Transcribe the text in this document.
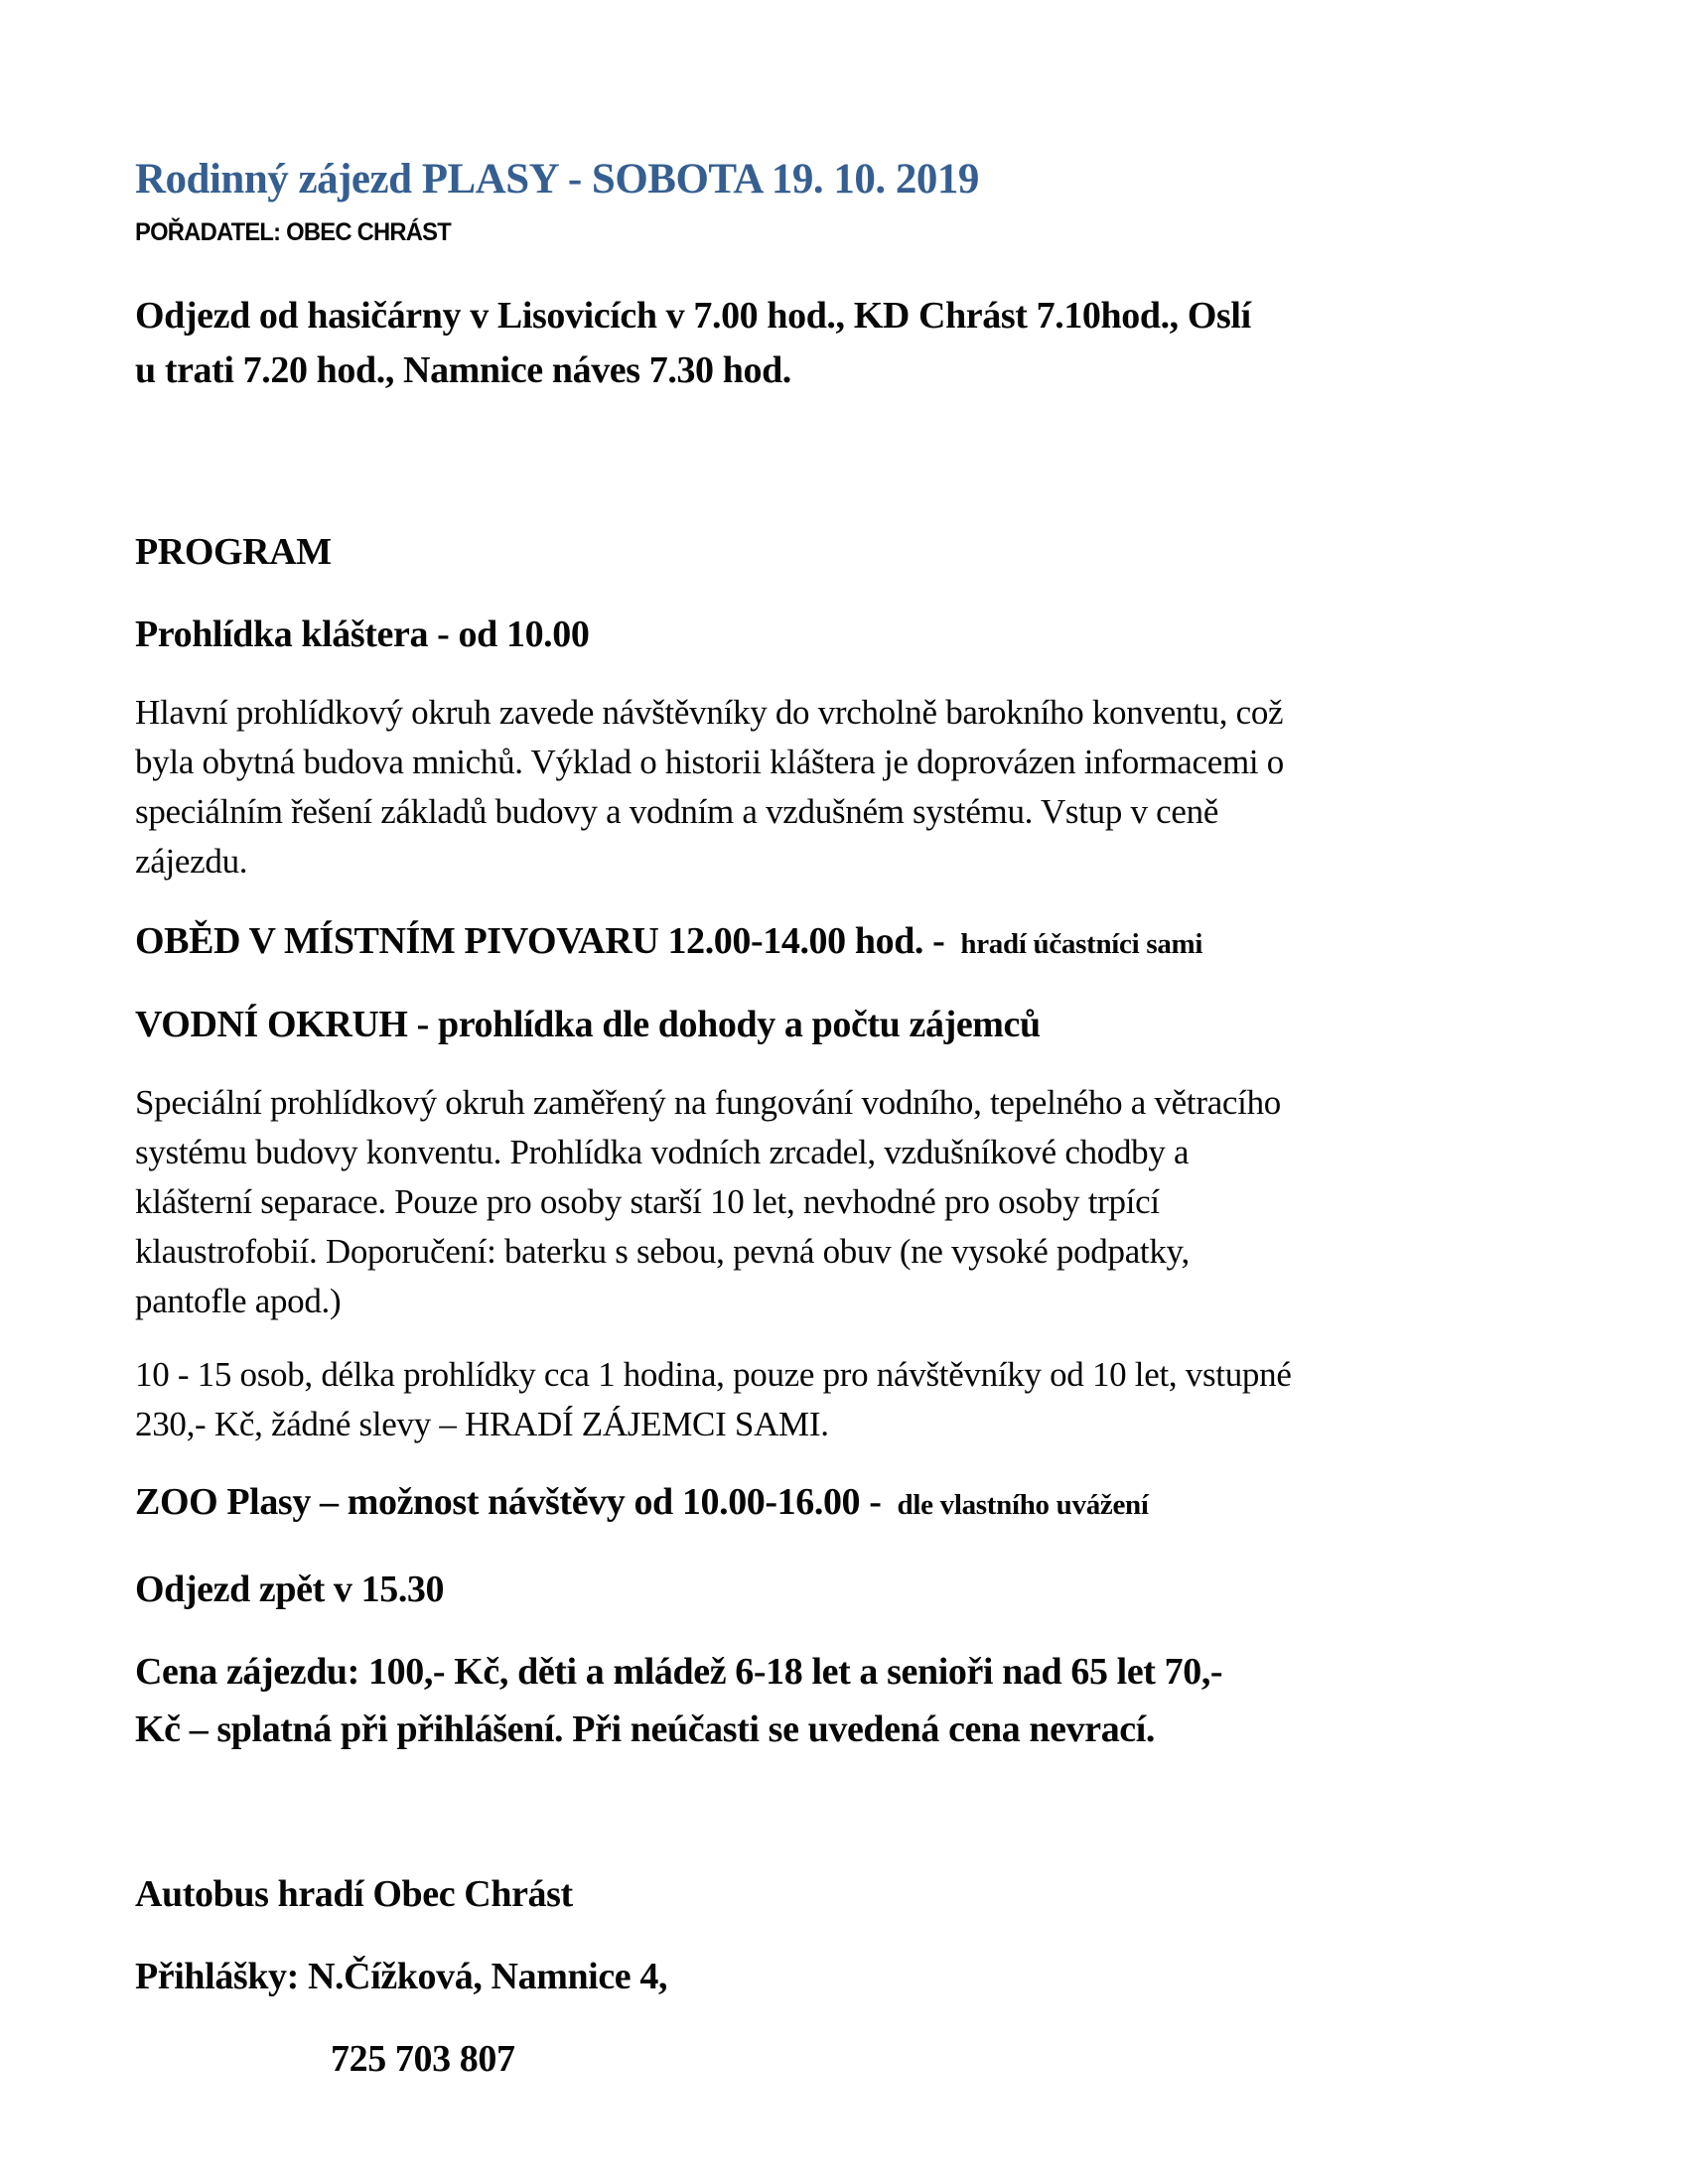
Rodinný zájezd PLASY - SOBOTA 19. 10. 2019
POŘADATEL: OBEC CHRÁST
Odjezd od hasičárny v Lisovicích v 7.00 hod., KD Chrást 7.10hod., Oslí
u trati 7.20 hod., Namnice náves 7.30 hod.
PROGRAM
Prohlídka kláštera - od 10.00
Hlavní prohlídkový okruh zavede návštěvníky do vrcholně barokního konventu, což
byla obytná budova mnichů. Výklad o historii kláštera je doprovázen informacemi o
speciálním řešení základů budovy a vodním a vzdušném systému. Vstup v ceně
zájezdu.
OBĚD V MÍSTNÍM PIVOVARU 12.00-14.00 hod. - hradí účastníci sami
VODNÍ OKRUH - prohlídka dle dohody a počtu zájemců
Speciální prohlídkový okruh zaměřený na fungování vodního, tepelného a větracího
systému budovy konventu. Prohlídka vodních zrcadel, vzdušníkové chodby a
klášterní separace. Pouze pro osoby starší 10 let, nevhodné pro osoby trpící
klaustrofobií. Doporučení: baterku s sebou, pevná obuv (ne vysoké podpatky,
pantofle apod.)
10 - 15 osob, délka prohlídky cca 1 hodina, pouze pro návštěvníky od 10 let, vstupné
230,- Kč, žádné slevy – HRADÍ ZÁJEMCI SAMI.
ZOO Plasy – možnost návštěvy od 10.00-16.00 - dle vlastního uvážení
Odjezd zpět v 15.30
Cena zájezdu: 100,- Kč, děti a mládež 6-18 let a senioři nad 65 let 70,-
Kč – splatná při přihlášení. Při neúčasti se uvedená cena nevrací.
Autobus hradí Obec Chrást
Přihlášky: N.Čížková, Namnice 4,
725 703 807
